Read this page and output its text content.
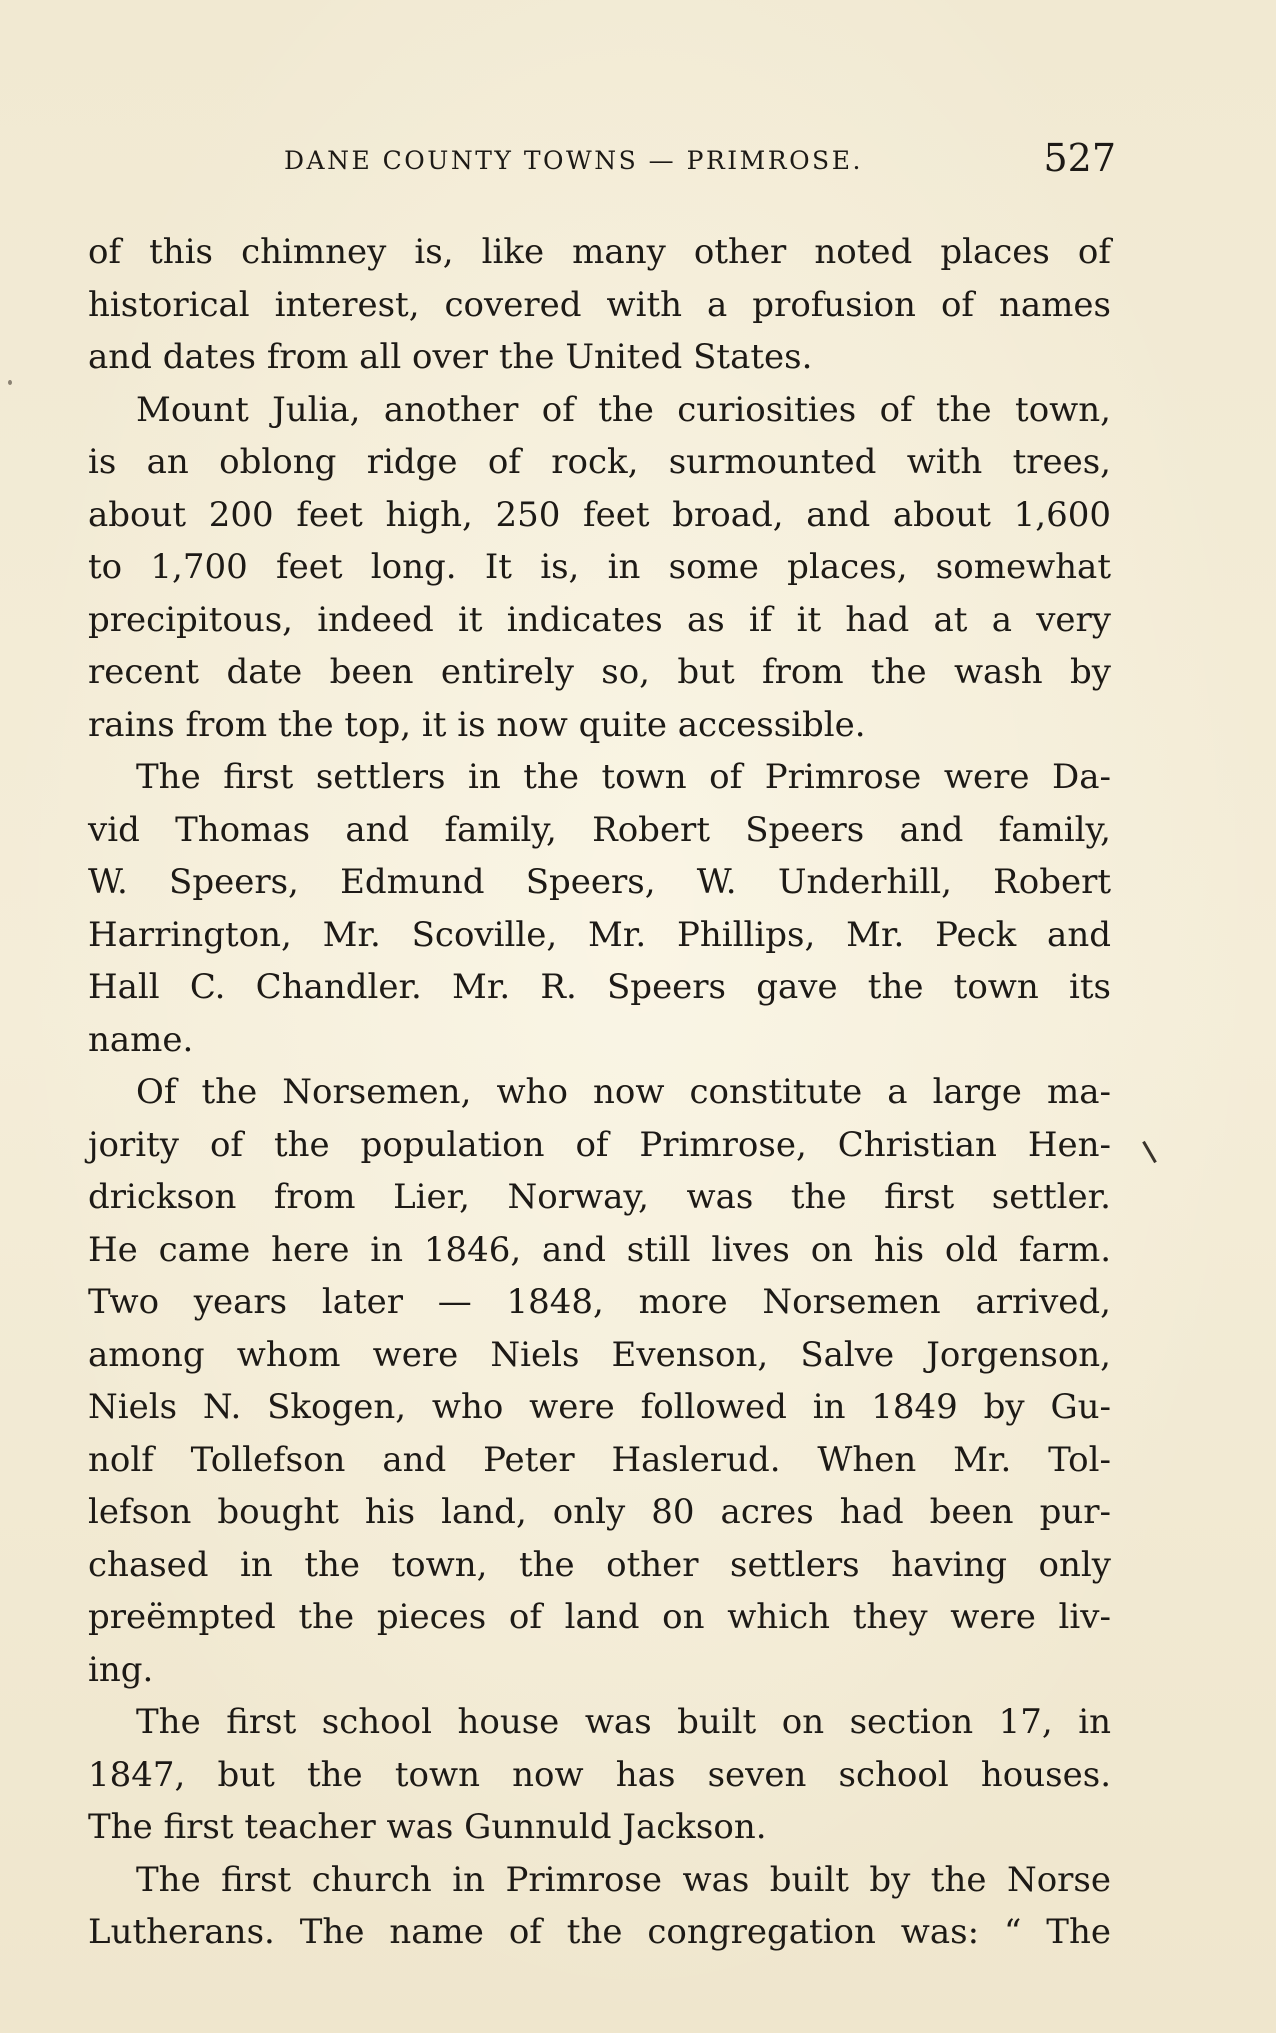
DANE COUNTY TOWNS — PRIMROSE.	527
of this chimney is, like many other noted places of
historical interest, covered with a profusion of names
and dates from all over the United States.
Mount Julia, another of the curiosities of the town,
is an oblong ridge of rock, surmounted with trees,
about 200 feet high, 250 feet broad, and about 1,600
to 1,700 feet long. It is, in some places, somewhat
precipitous, indeed it indicates as if it had at a very
recent date been entirely so, but from the wash by
rains from the top, it is now quite accessible.
The first settlers in the town of Primrose were Da-
vid Thomas and family, Robert Speers and family,
W. Speers, Edmund Speers, W. Underhill, Robert
Harrington, Mr. Scoville, Mr. Phillips, Mr. Peck and
Hall C. Chandler. Mr. R. Speers gave the town its
name.
Of the Norsemen, who now constitute a large ma-
jority of the population of Primrose, Christian Hen-
drickson from Lier, Norway, was the first settler.
He came here in 1846, and still lives on his old farm.
Two years later — 1848, more Norsemen arrived,
among whom were Niels Evenson, Salve Jorgenson,
Niels N. Skogen, who were followed in 1849 by Gu-
nolf Tollefson and Peter Haslerud. When Mr. Tol-
lefson bought his land, only 80 acres had been pur-
chased in the town, the other settlers having only
preëmpted the pieces of land on which they were liv-
ing.
The first school house was built on section 17, in
1847, but the town now has seven school houses.
The first teacher was Gunnuld Jackson.
The first church in Primrose was built by the Norse
Lutherans. The name of the congregation was: “ The
